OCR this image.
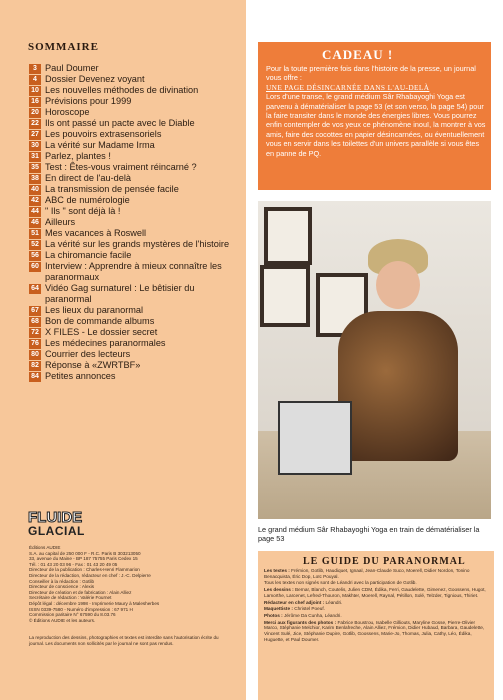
SOMMAIRE
3 Paul Doumer
4 Dossier Devenez voyant
10 Les nouvelles méthodes de divination
16 Prévisions pour 1999
20 Horoscope
22 Ils ont passé un pacte avec le Diable
27 Les pouvoirs extrasensoriels
30 La vérité sur Madame Irma
31 Parlez, plantes !
35 Test : Êtes-vous vraiment réincarné ?
38 En direct de l'au-delà
40 La transmission de pensée facile
42 ABC de numérologie
44 " Ils " sont déjà là !
46 Ailleurs
51 Mes vacances à Roswell
52 La vérité sur les grands mystères de l'histoire
56 La chiromancie facile
60 Interview : Apprendre à mieux connaître les paranormaux
64 Vidéo Gag surnaturel : Le bêtisier du paranormal
67 Les lieux du paranormal
68 Bon de commande albums
72 X FILES - Le dossier secret
76 Les médecines paranormales
80 Courrier des lecteurs
82 Réponse à «ZWRTBF»
84 Petites annonces
FLUIDE
GLACIAL

Éditions AUDIE

S.A. au capital de 250 000 F - R.C. Paris B 303213050

33, avenue du Maine - BP 187 75755 Paris Cedex 15

Tél. : 01 43 20 03 96 - Fax : 01 43 20 49 05

Directeur de la publication : Charles-Henri Flammarion

Directeur de la rédaction, rédacteur en chef : J.-C. Delpierre

Conseiller à la rédaction : Gotlib

Directeur de conscience : Alexis

Directeur de création et de fabrication : Alain Alliez

Secrétaire de rédaction : Valérie Fournet

Dépôt légal : décembre 1998 - Imprimerie Maury à Malesherbes

ISSN 0339-7580 - Numéro d'impression : 67 971 H

Commission paritaire N° 67590 du 8.03.76

© Éditions AUDIE et les auteurs.

La reproduction des dessins, photographies et textes est interdite sans l'autorisation écrite du journal. Les documents non sollicités par le journal ne sont pas rendus.

CADEAU !
Pour la toute première fois dans l'histoire de la presse, un journal vous offre :
UNE PAGE DÉSINCARNÉE DANS L'AU-DELÀ
Lors d'une transe, le grand médium Sâr Rhabayoghi Yoga est parvenu à dématérialiser la page 53 (et son verso, la page 54) pour la faire transiter dans le monde des énergies libres. Vous pourrez enfin contempler de vos yeux ce phénomène inouï, la montrer à vos amis, faire des cocottes en papier désincarnées, ou éventuellement vous en servir dans les toilettes d'un univers parallèle si vous êtes en panne de PQ.
Le grand médium Sâr Rhabayoghi Yoga en train de dématérialiser la page 53
LE GUIDE DU PARANORMAL

Les textes : Frémion, Gotlib, Haudiquet, Ignaal, Jean-Claude Suco, Moerell, Didier Nordon, Tonino Benacquista, Éric Dop, Loïc Pouyal.

Tous les textes non signés sont de Léandri avec la participation de Gotlib.

Les dessins : Bernar, Blanch, Coutelis, Julien CDM, Édika, Ferri, Gaudelette, Gimenez, Goossens, Hugot, Lamorthe, Larcenet, Lefred-Thouron, Makhter, Moerell, Raynal, Pétillon, Solé, Telzder, Tignious, Thiriet.

Rédacteur en chef adjoint : Léandri.

Maquettiste : Christel Poeuf.

Photos : Jérôme Da Cunha, Léandri.

Merci aux figurants des photos : Fabrice Boustrou, Isabelle Gilliouts, Maryline Gosse, Pierre-Olivier Marco, Stéphanie Melchior, Karim Benlafreche, Alain Alliez, Frémion, Didier Hubaud, Barbara, Gaudelette, Vincent Sulé, Jice, Stéphanie Dupire, Gotlib, Goossens, Marie-Jo, Thomas, Julia, Cathy, Léo, Édika, Huguette, et Paul Doumer.
